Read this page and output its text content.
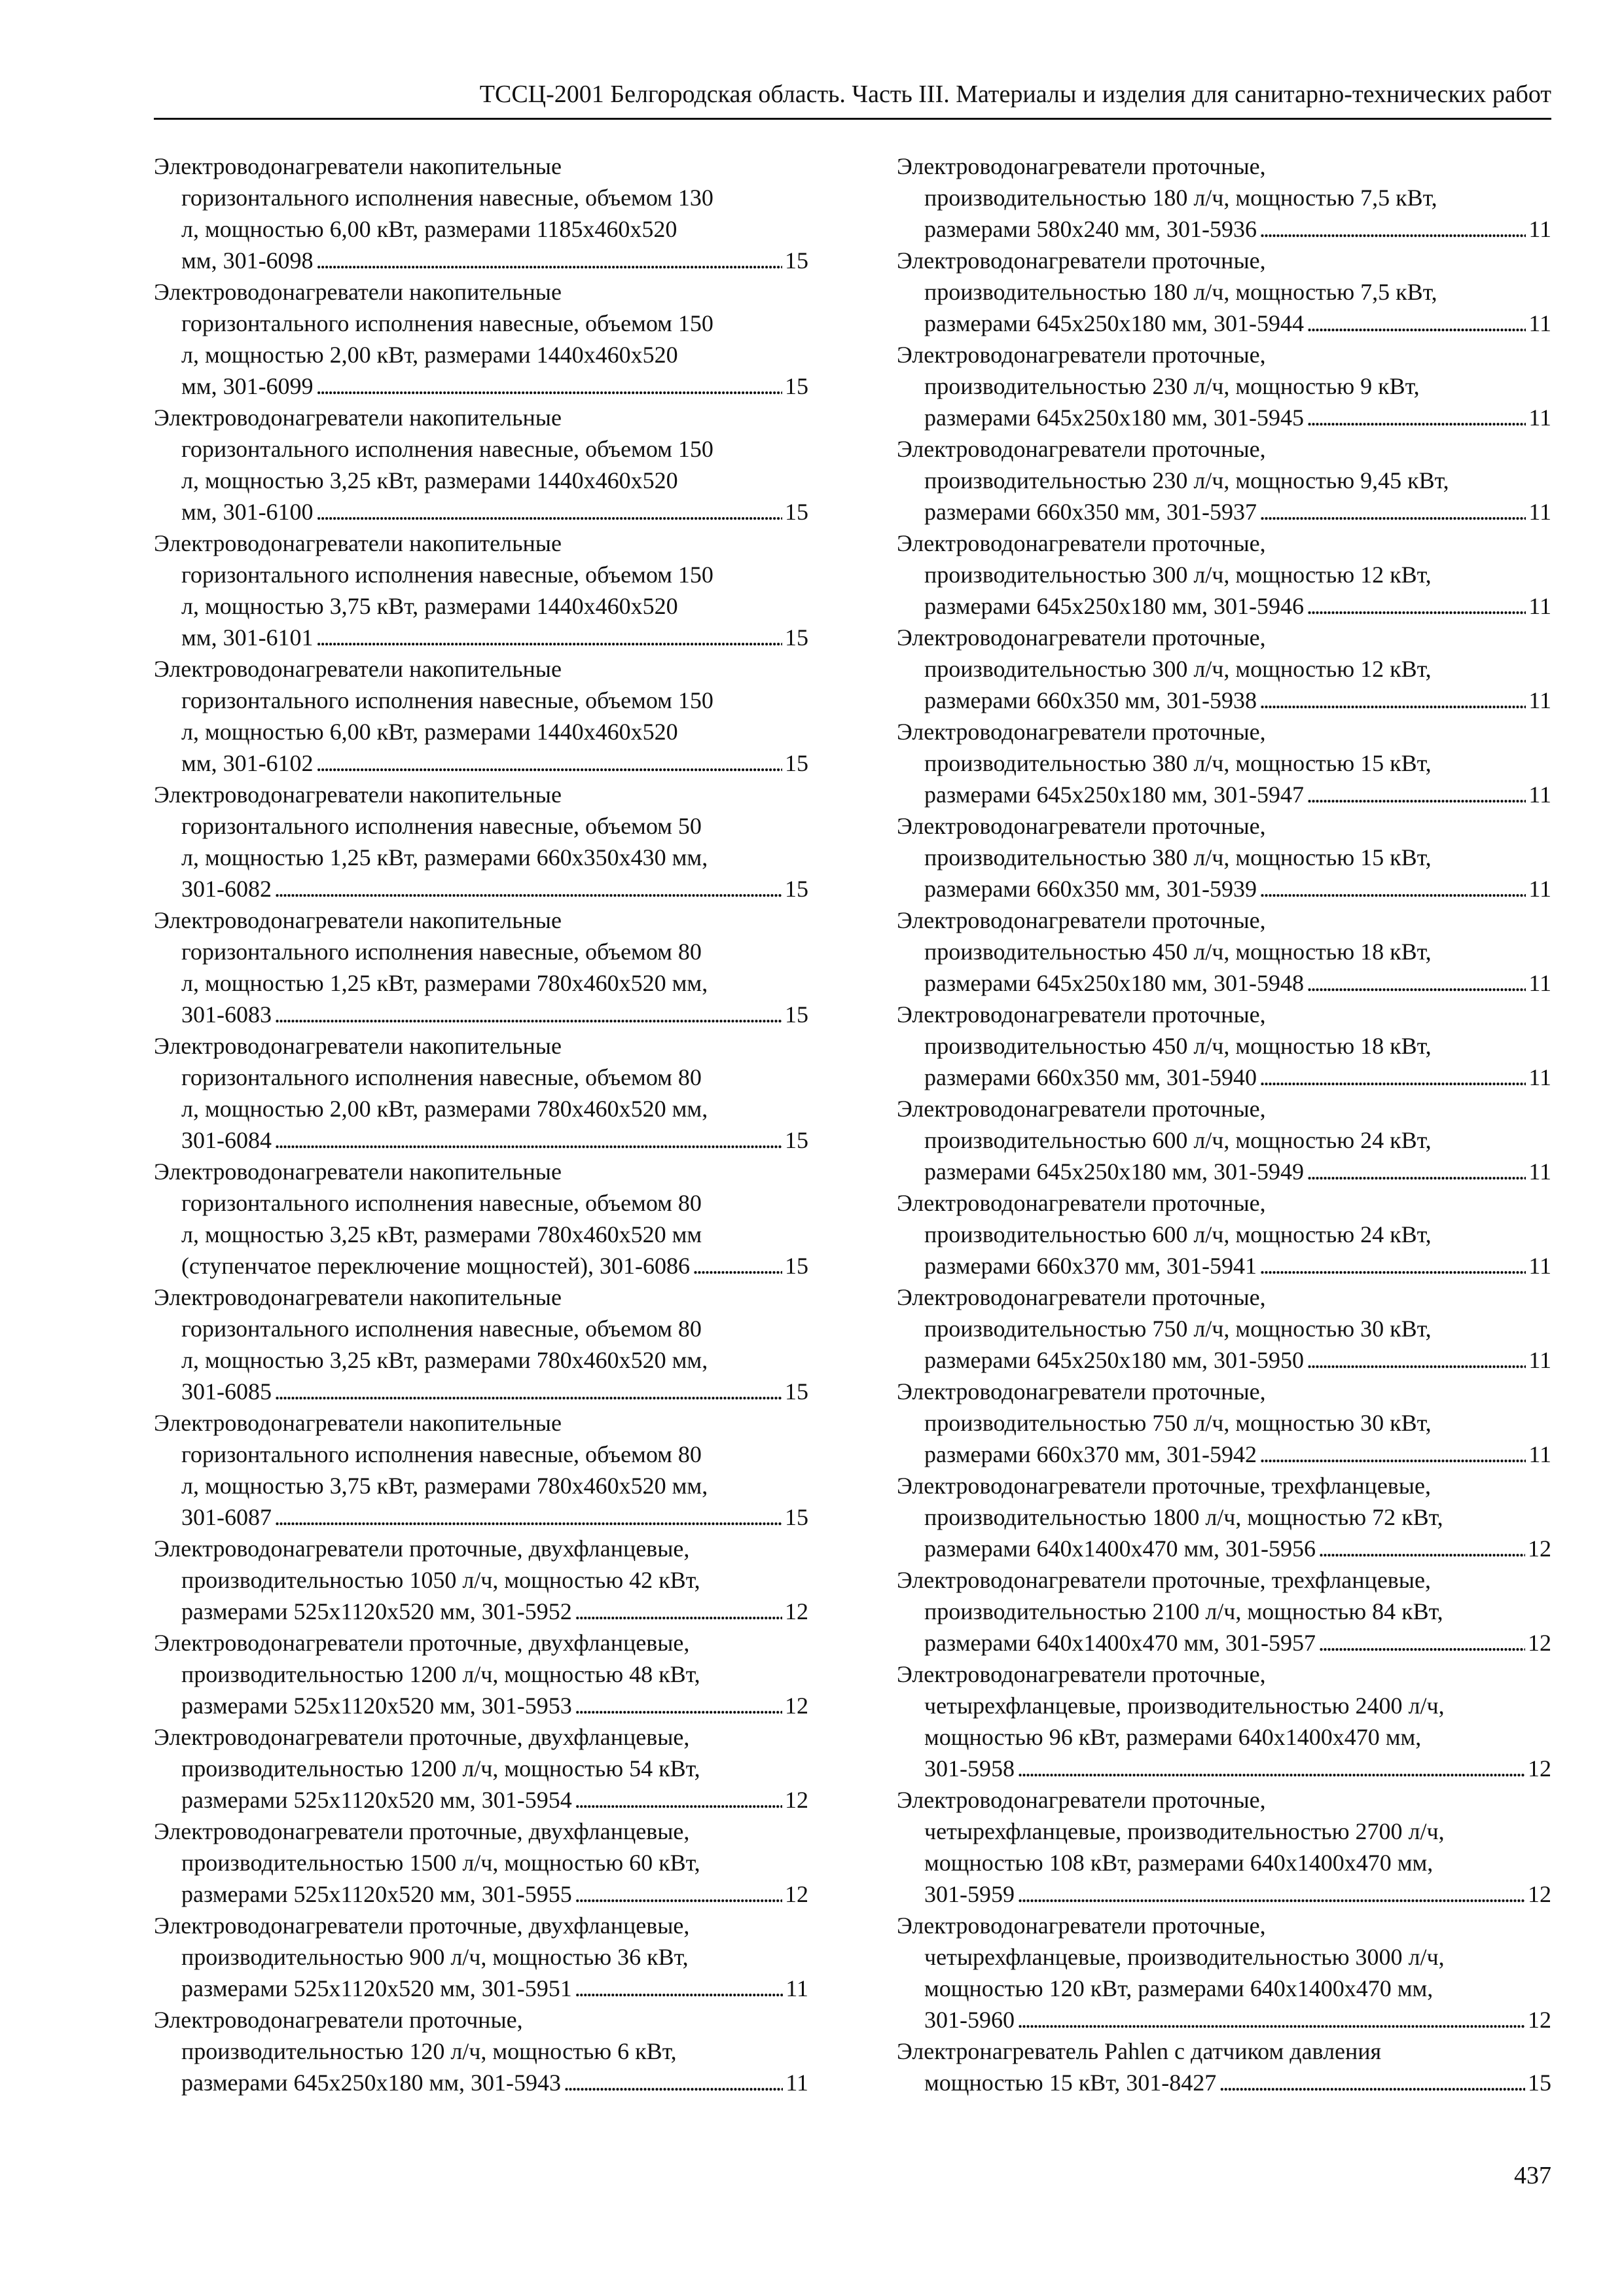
ТССЦ-2001 Белгородская область. Часть III. Материалы и изделия для санитарно-технических работ
Электроводонагреватели накопительные
горизонтального исполнения навесные, объемом 130
л, мощностью 6,00 кВт, размерами 1185x460x520
мм, 301-6098 . . .	15
Электроводонагреватели накопительные
горизонтального исполнения навесные, объемом 150
л, мощностью 2,00 кВт, размерами 1440x460x520
мм, 301-6099 . . .	15
Электроводонагреватели накопительные
горизонтального исполнения навесные, объемом 150
л, мощностью 3,25 кВт, размерами 1440x460x520
мм, 301-6100 . . .	15
Электроводонагреватели накопительные
горизонтального исполнения навесные, объемом 150
л, мощностью 3,75 кВт, размерами 1440x460x520
мм, 301-6101 . . .	15
Электроводонагреватели накопительные
горизонтального исполнения навесные, объемом 150
л, мощностью 6,00 кВт, размерами 1440x460x520
мм, 301-6102 . . .	15
Электроводонагреватели накопительные
горизонтального исполнения навесные, объемом 50
л, мощностью 1,25 кВт, размерами 660x350x430 мм,
301-6082 . . .	15
Электроводонагреватели накопительные
горизонтального исполнения навесные, объемом 80
л, мощностью 1,25 кВт, размерами 780x460x520 мм,
301-6083 . . .	15
Электроводонагреватели накопительные
горизонтального исполнения навесные, объемом 80
л, мощностью 2,00 кВт, размерами 780x460x520 мм,
301-6084 . . .	15
Электроводонагреватели накопительные
горизонтального исполнения навесные, объемом 80
л, мощностью 3,25 кВт, размерами 780x460x520 мм
(ступенчатое переключение мощностей), 301-6086 . . .	15
Электроводонагреватели накопительные
горизонтального исполнения навесные, объемом 80
л, мощностью 3,25 кВт, размерами 780x460x520 мм,
301-6085 . . .	15
Электроводонагреватели накопительные
горизонтального исполнения навесные, объемом 80
л, мощностью 3,75 кВт, размерами 780x460x520 мм,
301-6087 . . .	15
Электроводонагреватели проточные, двухфланцевые,
производительностью 1050 л/ч, мощностью 42 кВт,
размерами 525x1120x520 мм, 301-5952 . . .	12
Электроводонагреватели проточные, двухфланцевые,
производительностью 1200 л/ч, мощностью 48 кВт,
размерами 525x1120x520 мм, 301-5953 . . .	12
Электроводонагреватели проточные, двухфланцевые,
производительностью 1200 л/ч, мощностью 54 кВт,
размерами 525x1120x520 мм, 301-5954 . . .	12
Электроводонагреватели проточные, двухфланцевые,
производительностью 1500 л/ч, мощностью 60 кВт,
размерами 525x1120x520 мм, 301-5955 . . .	12
Электроводонагреватели проточные, двухфланцевые,
производительностью 900 л/ч, мощностью 36 кВт,
размерами 525x1120x520 мм, 301-5951 . . .	11
Электроводонагреватели проточные,
производительностью 120 л/ч, мощностью 6 кВт,
размерами 645x250x180 мм, 301-5943 . . .	11
Электроводонагреватели проточные,
производительностью 180 л/ч, мощностью 7,5 кВт,
размерами 580x240 мм, 301-5936 . . .	11
Электроводонагреватели проточные,
производительностью 180 л/ч, мощностью 7,5 кВт,
размерами 645x250x180 мм, 301-5944 . . .	11
Электроводонагреватели проточные,
производительностью 230 л/ч, мощностью 9 кВт,
размерами 645x250x180 мм, 301-5945 . . .	11
Электроводонагреватели проточные,
производительностью 230 л/ч, мощностью 9,45 кВт,
размерами 660x350 мм, 301-5937 . . .	11
Электроводонагреватели проточные,
производительностью 300 л/ч, мощностью 12 кВт,
размерами 645x250x180 мм, 301-5946 . . .	11
Электроводонагреватели проточные,
производительностью 300 л/ч, мощностью 12 кВт,
размерами 660x350 мм, 301-5938 . . .	11
Электроводонагреватели проточные,
производительностью 380 л/ч, мощностью 15 кВт,
размерами 645x250x180 мм, 301-5947 . . .	11
Электроводонагреватели проточные,
производительностью 380 л/ч, мощностью 15 кВт,
размерами 660x350 мм, 301-5939 . . .	11
Электроводонагреватели проточные,
производительностью 450 л/ч, мощностью 18 кВт,
размерами 645x250x180 мм, 301-5948 . . .	11
Электроводонагреватели проточные,
производительностью 450 л/ч, мощностью 18 кВт,
размерами 660x350 мм, 301-5940 . . .	11
Электроводонагреватели проточные,
производительностью 600 л/ч, мощностью 24 кВт,
размерами 645x250x180 мм, 301-5949 . . .	11
Электроводонагреватели проточные,
производительностью 600 л/ч, мощностью 24 кВт,
размерами 660x370 мм, 301-5941 . . .	11
Электроводонагреватели проточные,
производительностью 750 л/ч, мощностью 30 кВт,
размерами 645x250x180 мм, 301-5950 . . .	11
Электроводонагреватели проточные,
производительностью 750 л/ч, мощностью 30 кВт,
размерами 660x370 мм, 301-5942 . . .	11
Электроводонагреватели проточные, трехфланцевые,
производительностью 1800 л/ч, мощностью 72 кВт,
размерами 640x1400x470 мм, 301-5956 . . .	12
Электроводонагреватели проточные, трехфланцевые,
производительностью 2100 л/ч, мощностью 84 кВт,
размерами 640x1400x470 мм, 301-5957 . . .	12
Электроводонагреватели проточные,
четырехфланцевые, производительностью 2400 л/ч,
мощностью 96 кВт, размерами 640x1400x470 мм,
301-5958 . . .	12
Электроводонагреватели проточные,
четырехфланцевые, производительностью 2700 л/ч,
мощностью 108 кВт, размерами 640x1400x470 мм,
301-5959 . . .	12
Электроводонагреватели проточные,
четырехфланцевые, производительностью 3000 л/ч,
мощностью 120 кВт, размерами 640x1400x470 мм,
301-5960 . . .	12
Электронагреватель Pahlen с датчиком давления
мощностью 15 кВт, 301-8427 . . .	15
437
